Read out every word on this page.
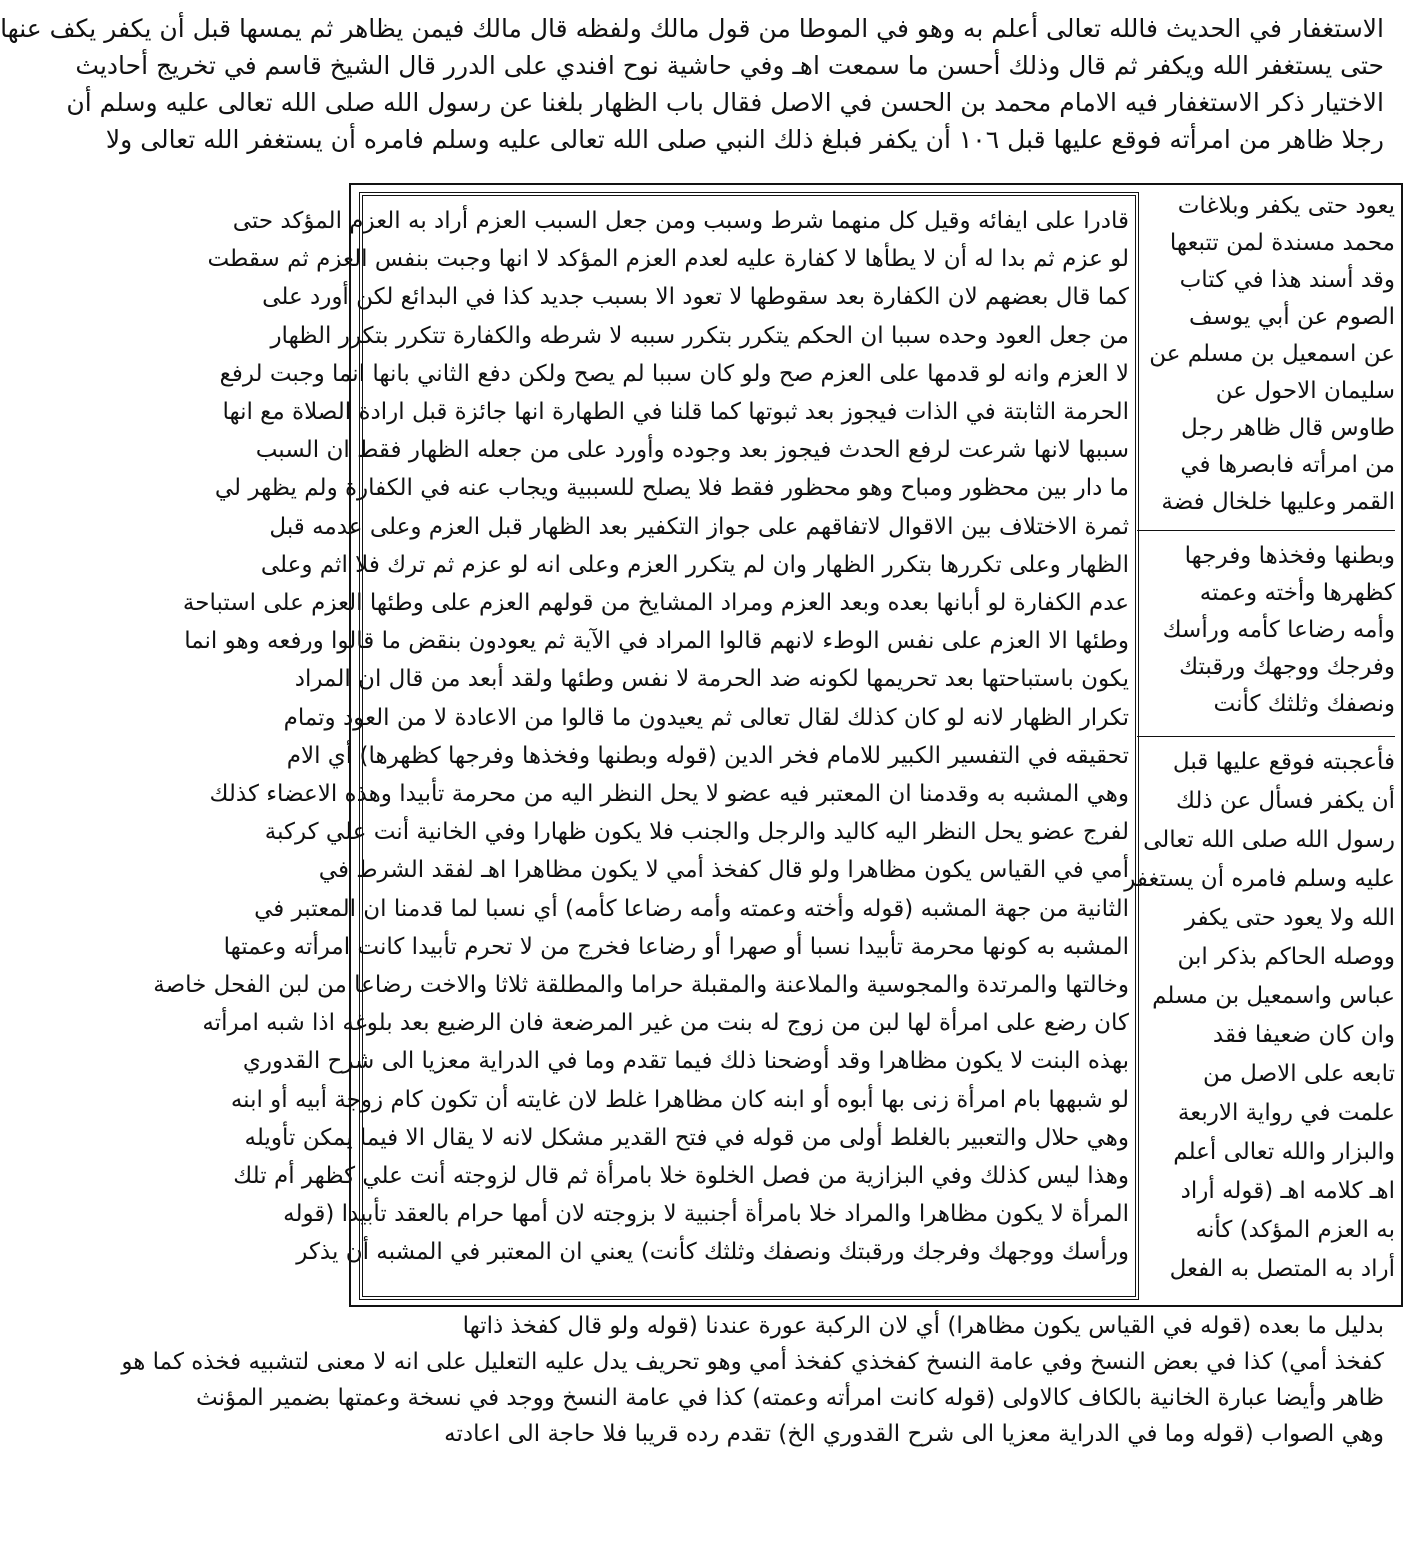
قادرا على ايفائه وقيل كل منهما شرط وسبب ومن جعل السبب العزم أراد به العزم المؤكد حتى
لو عزم ثم بدا له أن لا يطأها لا كفارة عليه لعدم العزم المؤكد لا انها وجبت بنفس العزم ثم سقطت
كما قال بعضهم لان الكفارة بعد سقوطها لا تعود الا بسبب جديد كذا في البدائع لكن أورد على
من جعل العود وحده سببا ان الحكم يتكرر بتكرر سببه لا شرطه والكفارة تتكرر بتكرر الظهار
لا العزم وانه لو قدمها على العزم صح ولو كان سببا لم يصح ولكن دفع الثاني بانها انما وجبت لرفع
الحرمة الثابتة في الذات فيجوز بعد ثبوتها كما قلنا في الطهارة انها جائزة قبل ارادة الصلاة مع انها
سببها لانها شرعت لرفع الحدث فيجوز بعد وجوده وأورد على من جعله الظهار فقط ان السبب
ما دار بين محظور ومباح وهو محظور فقط فلا يصلح للسببية ويجاب عنه في الكفارة ولم يظهر لي
ثمرة الاختلاف بين الاقوال لاتفاقهم على جواز التكفير بعد الظهار قبل العزم وعلى عدمه قبل
الظهار وعلى تكررها بتكرر الظهار وان لم يتكرر العزم وعلى انه لو عزم ثم ترك فلا اثم وعلى
عدم الكفارة لو أبانها بعده وبعد العزم ومراد المشايخ من قولهم العزم على وطئها العزم على استباحة
وطئها الا العزم على نفس الوطء لانهم قالوا المراد في الآية ثم يعودون بنقض ما قالوا ورفعه وهو انما
يكون باستباحتها بعد تحريمها لكونه ضد الحرمة لا نفس وطئها ولقد أبعد من قال ان المراد
تكرار الظهار لانه لو كان كذلك لقال تعالى ثم يعيدون ما قالوا من الاعادة لا من العود وتمام
تحقيقه في التفسير الكبير للامام فخر الدين (قوله وبطنها وفخذها وفرجها كظهرها) أي الام
وهي المشبه به وقدمنا ان المعتبر فيه عضو لا يحل النظر اليه من محرمة تأبيدا وهذه الاعضاء كذلك
لفرج عضو يحل النظر اليه كاليد والرجل والجنب فلا يكون ظهارا وفي الخانية أنت علي كركبة
أمي في القياس يكون مظاهرا ولو قال كفخذ أمي لا يكون مظاهرا اهـ لفقد الشرط في
الثانية من جهة المشبه (قوله وأخته وعمته وأمه رضاعا كأمه) أي نسبا لما قدمنا ان المعتبر في
المشبه به كونها محرمة تأبيدا نسبا أو صهرا أو رضاعا فخرج من لا تحرم تأبيدا كانت امرأته وعمتها
وخالتها والمرتدة والمجوسية والملاعنة والمقبلة حراما والمطلقة ثلاثا والاخت رضاعا من لبن الفحل خاصة
كان رضع على امرأة لها لبن من زوج له بنت من غير المرضعة فان الرضيع بعد بلوغه اذا شبه امرأته
بهذه البنت لا يكون مظاهرا وقد أوضحنا ذلك فيما تقدم وما في الدراية معزيا الى شرح القدوري
لو شبهها بام امرأة زنى بها أبوه أو ابنه كان مظاهرا غلط لان غايته أن تكون كام زوجة أبيه أو ابنه
وهي حلال والتعبير بالغلط أولى من قوله في فتح القدير مشكل لانه لا يقال الا فيما يمكن تأويله
وهذا ليس كذلك وفي البزازية من فصل الخلوة خلا بامرأة ثم قال لزوجته أنت علي كظهر أم تلك
المرأة لا يكون مظاهرا والمراد خلا بامرأة أجنبية لا بزوجته لان أمها حرام بالعقد تأبيدا (قوله
ورأسك ووجهك وفرجك ورقبتك ونصفك وثلثك كأنت) يعني ان المعتبر في المشبه أن يذكر
يعود حتى يكفر وبلاغات
محمد مسندة لمن تتبعها
وقد أسند هذا في كتاب
الصوم عن أبي يوسف
عن اسمعيل بن مسلم عن
سليمان الاحول عن
طاوس قال ظاهر رجل
من امرأته فابصرها في
القمر وعليها خلخال فضة
وبطنها وفخذها وفرجها
كظهرها وأخته وعمته
وأمه رضاعا كأمه ورأسك
وفرجك ووجهك ورقبتك
ونصفك وثلثك كأنت
فأعجبته فوقع عليها قبل
أن يكفر فسأل عن ذلك
رسول الله صلى الله تعالى
عليه وسلم فامره أن يستغفر
الله ولا يعود حتى يكفر
ووصله الحاكم بذكر ابن
عباس واسمعيل بن مسلم
وان كان ضعيفا فقد
تابعه على الاصل من
علمت في رواية الاربعة
والبزار والله تعالى أعلم
اهـ كلامه اهـ (قوله أراد
به العزم المؤكد) كأنه
أراد به المتصل به الفعل
الاستغفار في الحديث فالله تعالى أعلم به وهو في الموطا من قول مالك ولفظه قال مالك فيمن يظاهر ثم يمسها قبل أن يكفر يكف عنها
حتى يستغفر الله ويكفر ثم قال وذلك أحسن ما سمعت اهـ وفي حاشية نوح افندي على الدرر قال الشيخ قاسم في تخريج أحاديث
الاختيار ذكر الاستغفار فيه الامام محمد بن الحسن في الاصل فقال باب الظهار بلغنا عن رسول الله صلى الله تعالى عليه وسلم أن
رجلا ظاهر من امرأته فوقع عليها قبل ١٠٦ أن يكفر فبلغ ذلك النبي صلى الله تعالى عليه وسلم فامره أن يستغفر الله تعالى ولا
بدليل ما بعده (قوله في القياس يكون مظاهرا) أي لان الركبة عورة عندنا (قوله ولو قال كفخذ ذاتها
كفخذ أمي) كذا في بعض النسخ وفي عامة النسخ كفخذي كفخذ أمي وهو تحريف يدل عليه التعليل على انه لا معنى لتشبيه فخذه كما هو
ظاهر وأيضا عبارة الخانية بالكاف كالاولى (قوله كانت امرأته وعمته) كذا في عامة النسخ ووجد في نسخة وعمتها بضمير المؤنث
وهي الصواب (قوله وما في الدراية معزيا الى شرح القدوري الخ) تقدم رده قريبا فلا حاجة الى اعادته
